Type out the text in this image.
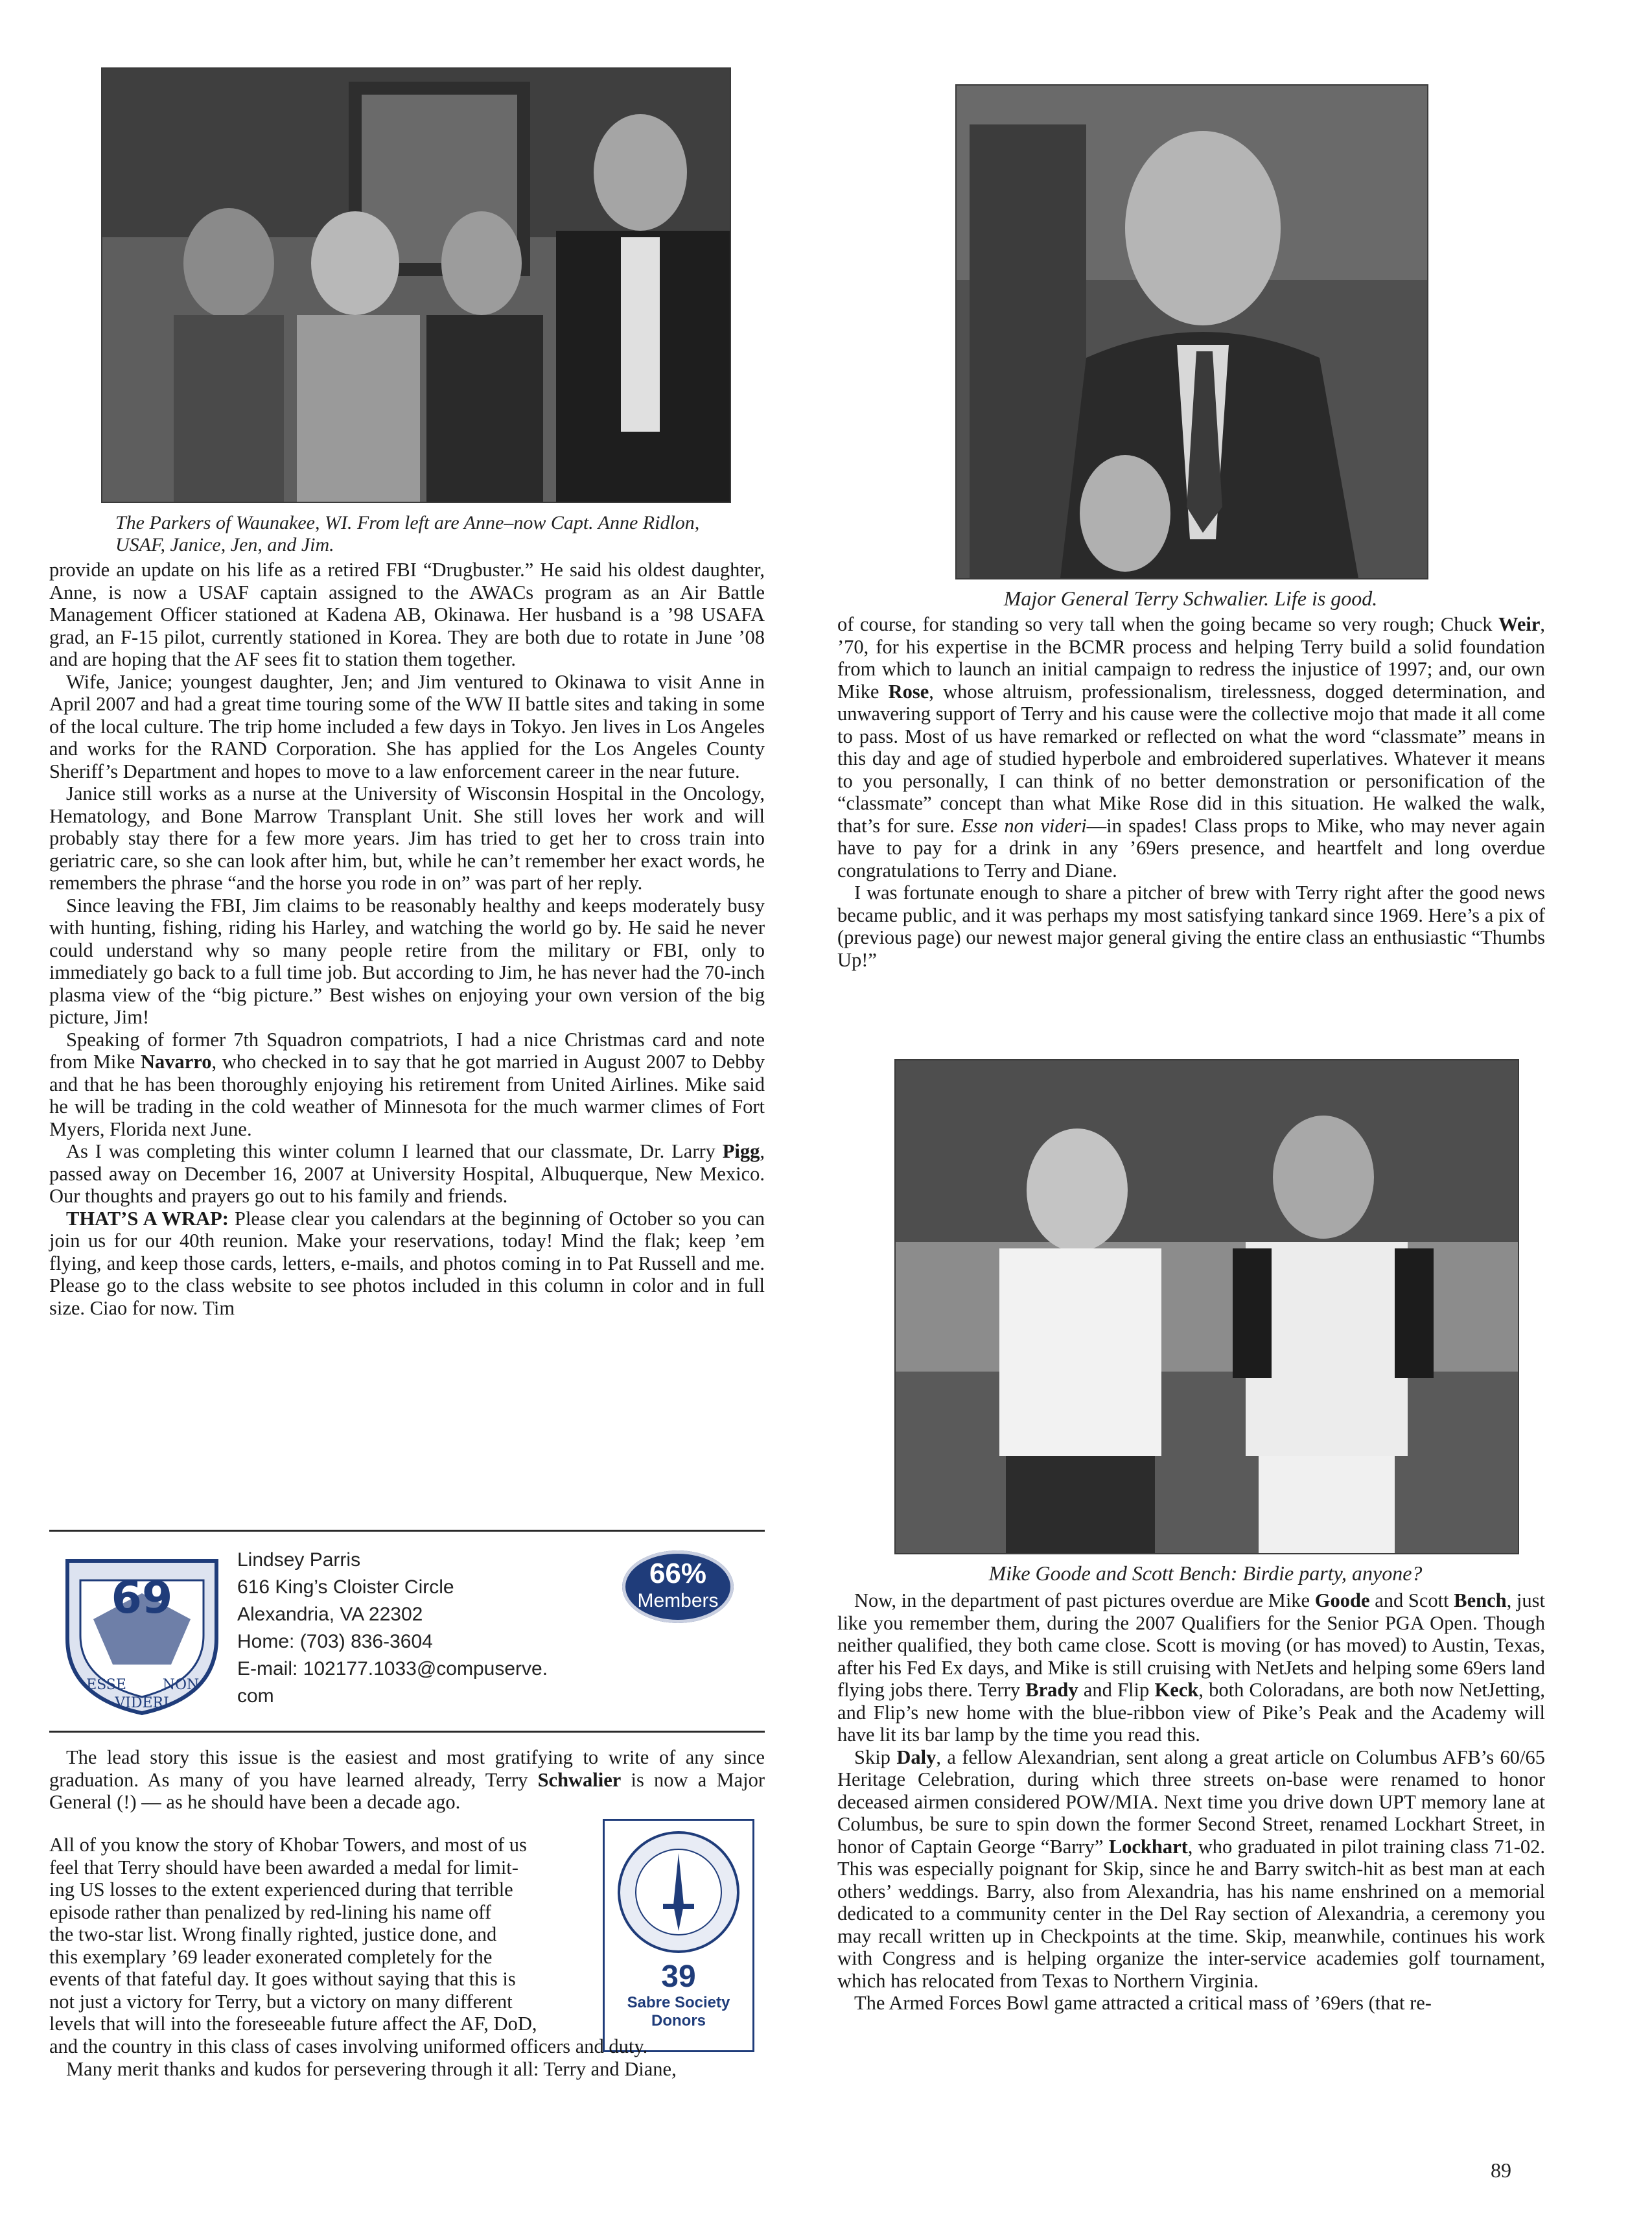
The Parkers of Waunakee, WI. From left are Anne–now Capt. Anne Ridlon,
USAF, Janice, Jen, and Jim.

provide an update on his life as a retired FBI “Drugbuster.” He said his oldest daughter, Anne, is now a USAF captain assigned to the AWACs program as an Air Battle Management Officer stationed at Kadena AB, Okinawa. Her husband is a ’98 USAFA grad, an F-15 pilot, currently stationed in Korea. They are both due to rotate in June ’08 and are hoping that the AF sees fit to station them together.

Wife, Janice; youngest daughter, Jen; and Jim ventured to Okinawa to visit Anne in April 2007 and had a great time touring some of the WW II battle sites and taking in some of the local culture. The trip home included a few days in Tokyo. Jen lives in Los Angeles and works for the RAND Corporation. She has applied for the Los Angeles County Sheriff’s Department and hopes to move to a law enforcement career in the near future.

Janice still works as a nurse at the University of Wisconsin Hospital in the Oncology, Hematology, and Bone Marrow Transplant Unit. She still loves her work and will probably stay there for a few more years. Jim has tried to get her to cross train into geriatric care, so she can look after him, but, while he can’t remember her exact words, he remembers the phrase “and the horse you rode in on” was part of her reply.

Since leaving the FBI, Jim claims to be reasonably healthy and keeps moderately busy with hunting, fishing, riding his Harley, and watching the world go by. He said he never could understand why so many people retire from the military or FBI, only to immediately go back to a full time job. But according to Jim, he has never had the 70-inch plasma view of the “big picture.” Best wishes on enjoying your own version of the big picture, Jim!

Speaking of former 7th Squadron compatriots, I had a nice Christmas card and note from Mike Navarro, who checked in to say that he got married in August 2007 to Debby and that he has been thoroughly enjoying his retirement from United Airlines. Mike said he will be trading in the cold weather of Minnesota for the much warmer climes of Fort Myers, Florida next June.

As I was completing this winter column I learned that our classmate, Dr. Larry Pigg, passed away on December 16, 2007 at University Hospital, Albuquerque, New Mexico. Our thoughts and prayers go out to his family and friends.

THAT’S A WRAP: Please clear you calendars at the beginning of October so you can join us for our 40th reunion. Make your reservations, today! Mind the flak; keep ’em flying, and keep those cards, letters, e-mails, and photos coming in to Pat Russell and me. Please go to the class website to see photos included in this column in color and in full size. Ciao for now. Tim

69
ESSE	NON
VIDERI
Lindsey Parris
616 King’s Cloister Circle
Alexandria, VA 22302
Home: (703) 836-3604
E-mail: 102177.1033@compuserve.
com
66%
Members

The lead story this issue is the easiest and most gratifying to write of any since graduation. As many of you have learned already, Terry Schwalier is now a Major General (!) — as he should have been a decade ago.

All of you know the story of Khobar Towers, and most of us
feel that Terry should have been awarded a medal for limit-
ing US losses to the extent experienced during that terrible
episode rather than penalized by red-lining his name off
the two-star list. Wrong finally righted, justice done, and
this exemplary ’69 leader exonerated completely for the
events of that fateful day. It goes without saying that this is
not just a victory for Terry, but a victory on many different
levels that will into the foreseeable future affect the AF, DoD,
39
Sabre Society
Donors

and the country in this class of cases involving uniformed officers and duty.

Many merit thanks and kudos for persevering through it all: Terry and Diane,

Major General Terry Schwalier. Life is good.

of course, for standing so very tall when the going became so very rough; Chuck Weir, ’70, for his expertise in the BCMR process and helping Terry build a solid foundation from which to launch an initial campaign to redress the injustice of 1997; and, our own Mike Rose, whose altruism, professionalism, tirelessness, dogged determination, and unwavering support of Terry and his cause were the collective mojo that made it all come to pass. Most of us have remarked or reflected on what the word “classmate” means in this day and age of studied hyperbole and embroidered superlatives. Whatever it means to you personally, I can think of no better demonstration or personification of the “classmate” concept than what Mike Rose did in this situation. He walked the walk, that’s for sure. Esse non videri—in spades! Class props to Mike, who may never again have to pay for a drink in any ’69ers presence, and heartfelt and long overdue congratulations to Terry and Diane.

I was fortunate enough to share a pitcher of brew with Terry right after the good news became public, and it was perhaps my most satisfying tankard since 1969. Here’s a pix of (previous page) our newest major general giving the entire class an enthusiastic “Thumbs Up!”

Mike Goode and Scott Bench: Birdie party, anyone?

Now, in the department of past pictures overdue are Mike Goode and Scott Bench, just like you remember them, during the 2007 Qualifiers for the Senior PGA Open. Though neither qualified, they both came close. Scott is moving (or has moved) to Austin, Texas, after his Fed Ex days, and Mike is still cruising with NetJets and helping some 69ers land flying jobs there. Terry Brady and Flip Keck, both Coloradans, are both now NetJetting, and Flip’s new home with the blue-ribbon view of Pike’s Peak and the Academy will have lit its bar lamp by the time you read this.

Skip Daly, a fellow Alexandrian, sent along a great article on Columbus AFB’s 60/65 Heritage Celebration, during which three streets on-base were renamed to honor deceased airmen considered POW/MIA. Next time you drive down UPT memory lane at Columbus, be sure to spin down the former Second Street, renamed Lockhart Street, in honor of Captain George “Barry” Lockhart, who graduated in pilot training class 71-02. This was especially poignant for Skip, since he and Barry switch-hit as best man at each others’ weddings. Barry, also from Alexandria, has his name enshrined on a memorial dedicated to a community center in the Del Ray section of Alexandria, a ceremony you may recall written up in Checkpoints at the time. Skip, meanwhile, continues his work with Congress and is helping organize the inter-service academies golf tournament, which has relocated from Texas to Northern Virginia.

The Armed Forces Bowl game attracted a critical mass of ’69ers (that re-

89
